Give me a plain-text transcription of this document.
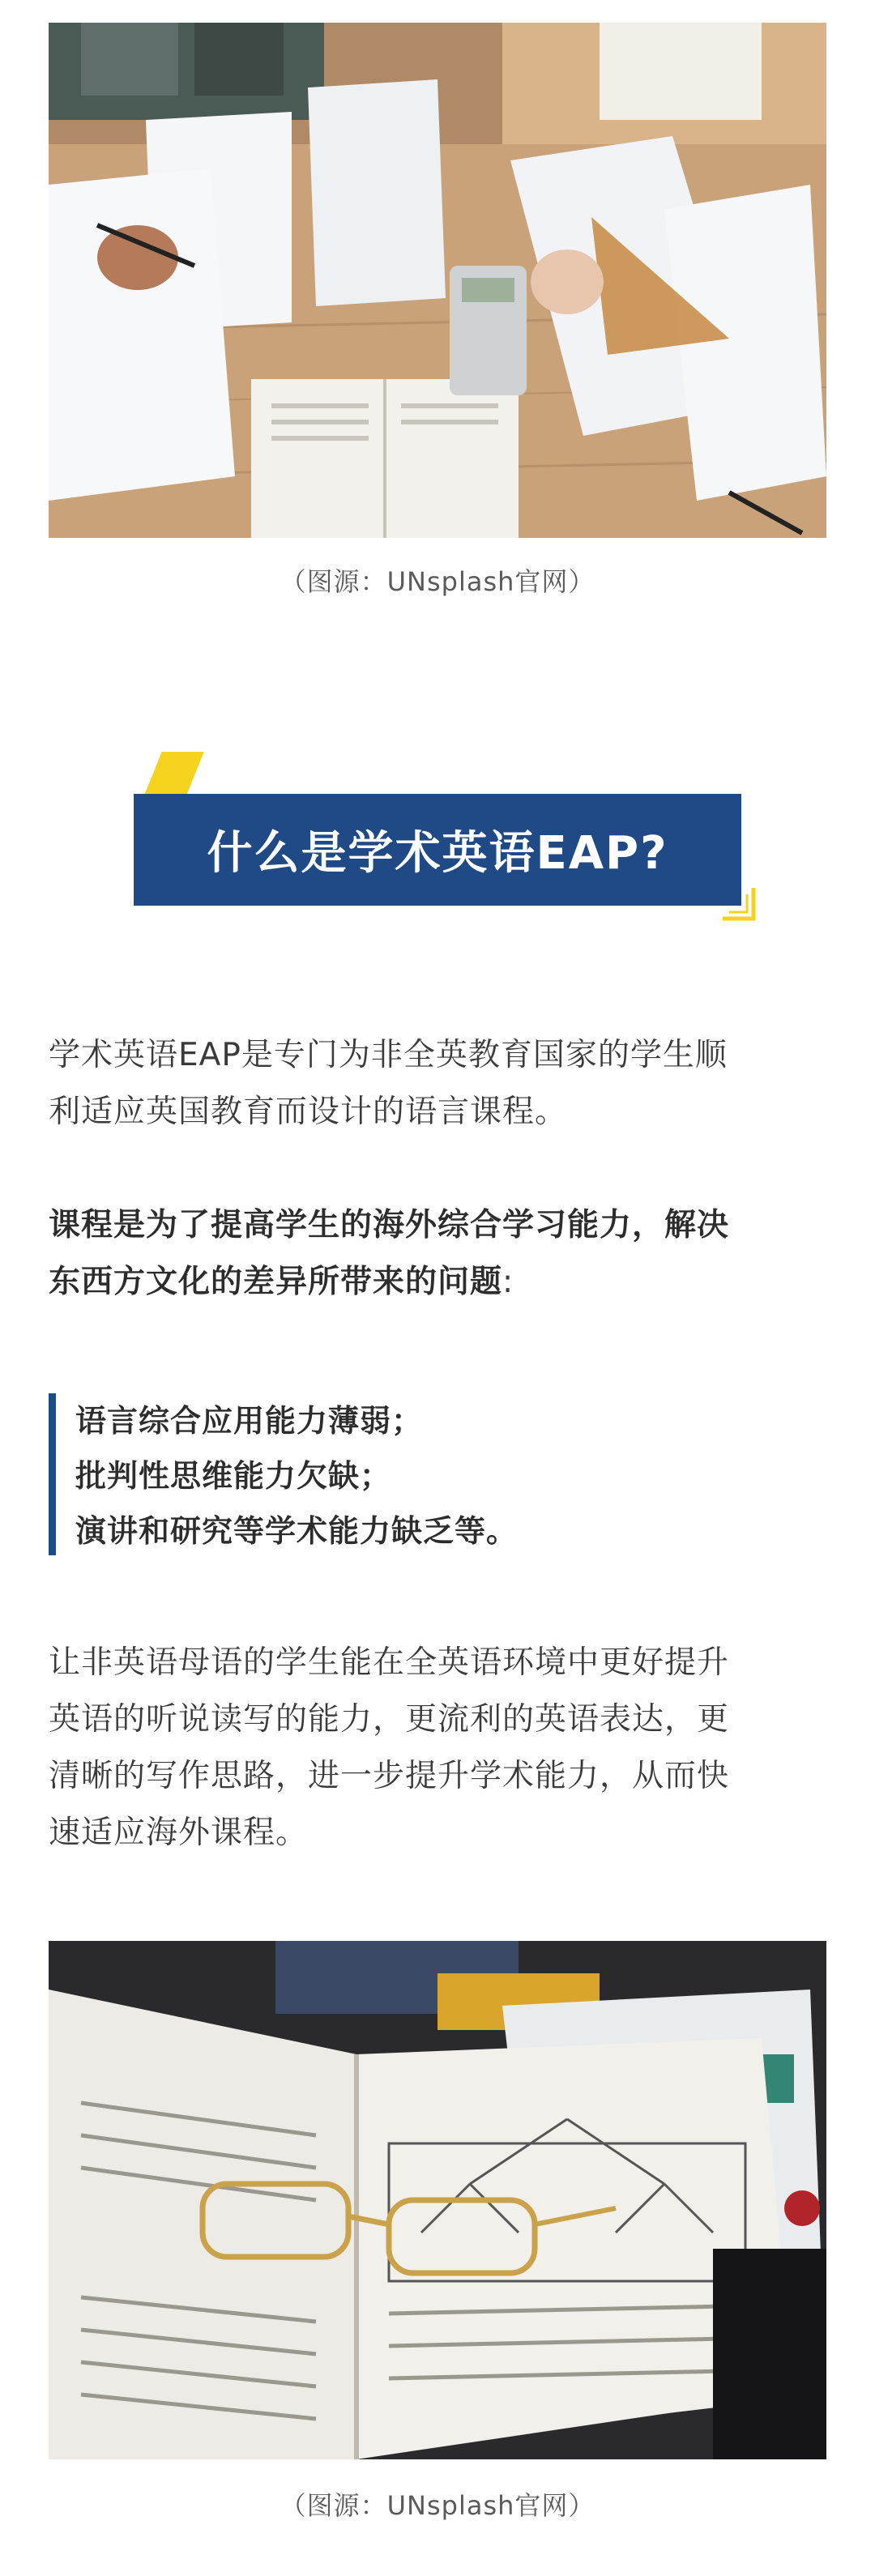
（图源：UNsplash官网）
什么是学术英语EAP?
学术英语EAP是专门为非全英教育国家的学生顺
利适应英国教育而设计的语言课程。
课程是为了提高学生的海外综合学习能力，解决
东西方文化的差异所带来的问题:
语言综合应用能力薄弱；
批判性思维能力欠缺；
演讲和研究等学术能力缺乏等。
让非英语母语的学生能在全英语环境中更好提升
英语的听说读写的能力，更流利的英语表达，更
清晰的写作思路，进一步提升学术能力，从而快
速适应海外课程。
（图源：UNsplash官网）
